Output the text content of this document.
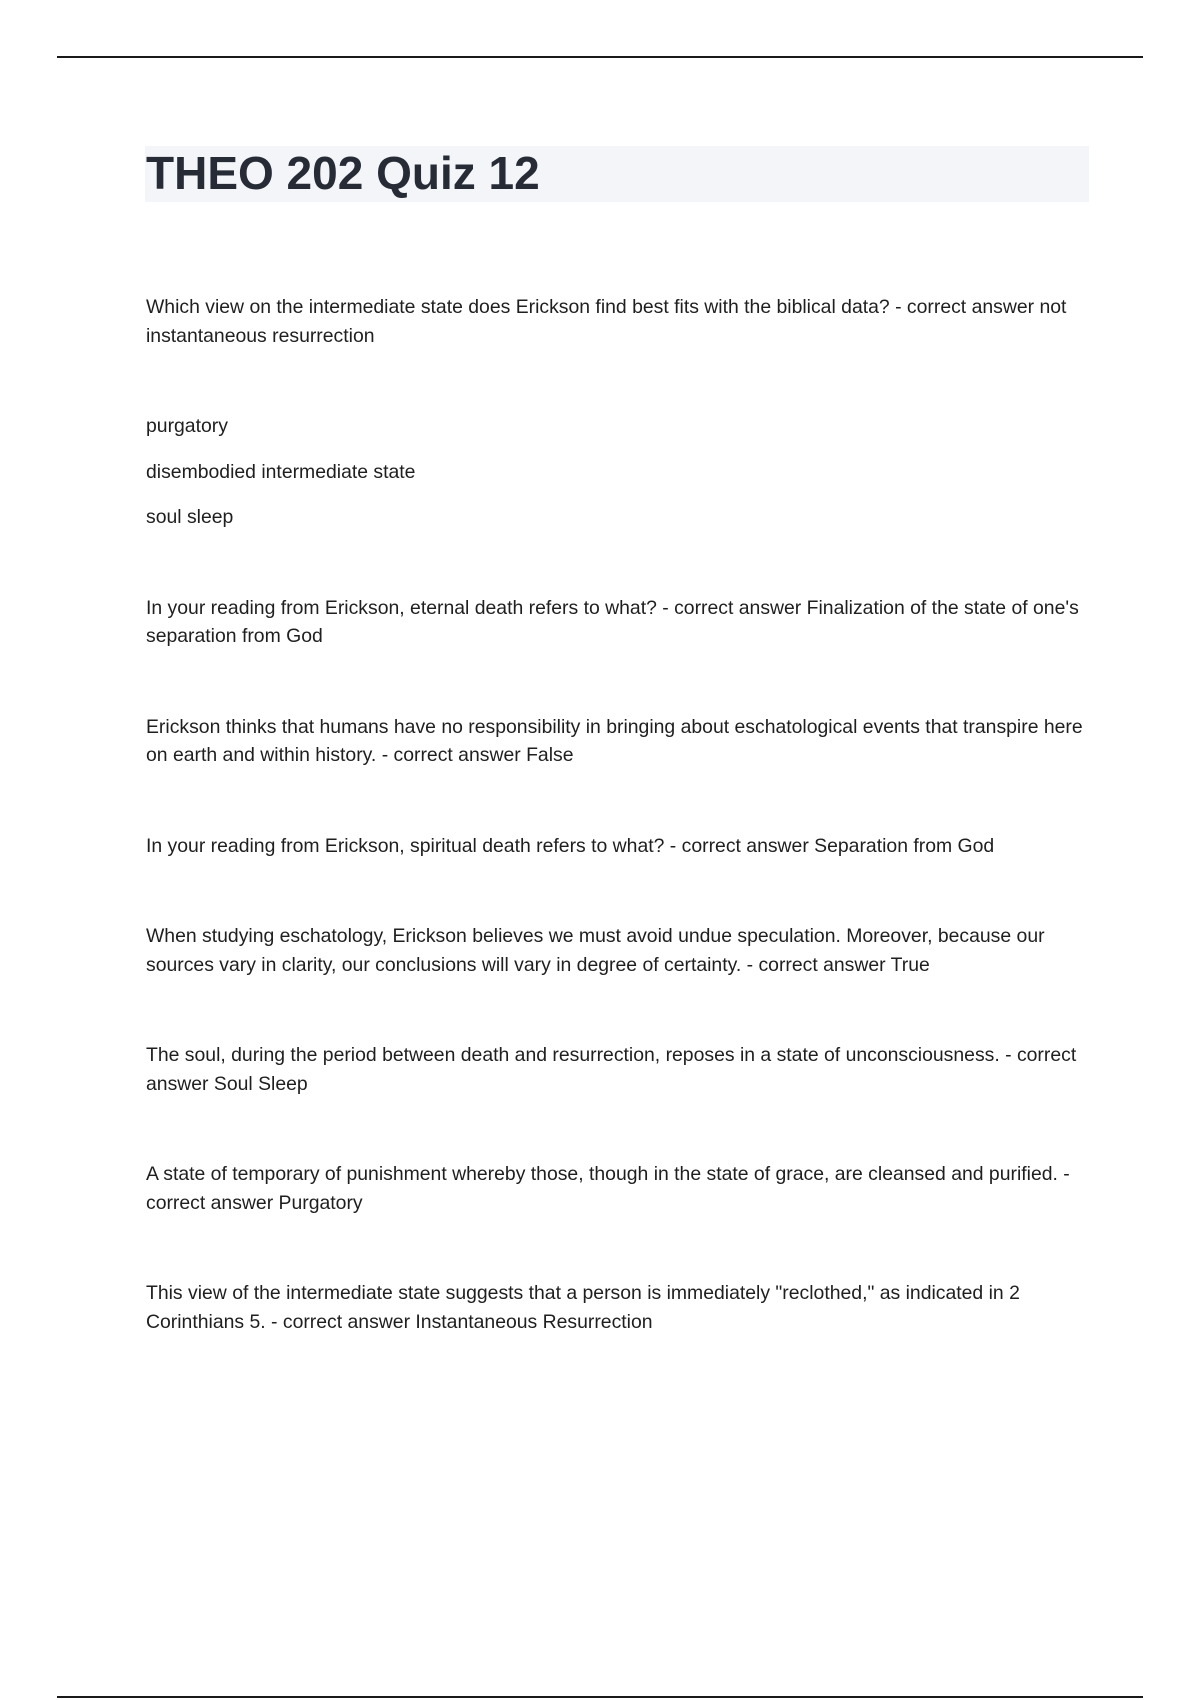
THEO 202 Quiz 12

Which view on the intermediate state does Erickson find best fits with the biblical data? - correct answer not instantaneous resurrection

purgatory

disembodied intermediate state

soul sleep

In your reading from Erickson, eternal death refers to what? - correct answer Finalization of the state of one's separation from God

Erickson thinks that humans have no responsibility in bringing about eschatological events that transpire here on earth and within history. - correct answer False

In your reading from Erickson, spiritual death refers to what? - correct answer Separation from God

When studying eschatology, Erickson believes we must avoid undue speculation. Moreover, because our sources vary in clarity, our conclusions will vary in degree of certainty. - correct answer True

The soul, during the period between death and resurrection, reposes in a state of unconsciousness. - correct answer Soul Sleep

A state of temporary of punishment whereby those, though in the state of grace, are cleansed and purified. - correct answer Purgatory

This view of the intermediate state suggests that a person is immediately "reclothed," as indicated in 2 Corinthians 5. - correct answer Instantaneous Resurrection
